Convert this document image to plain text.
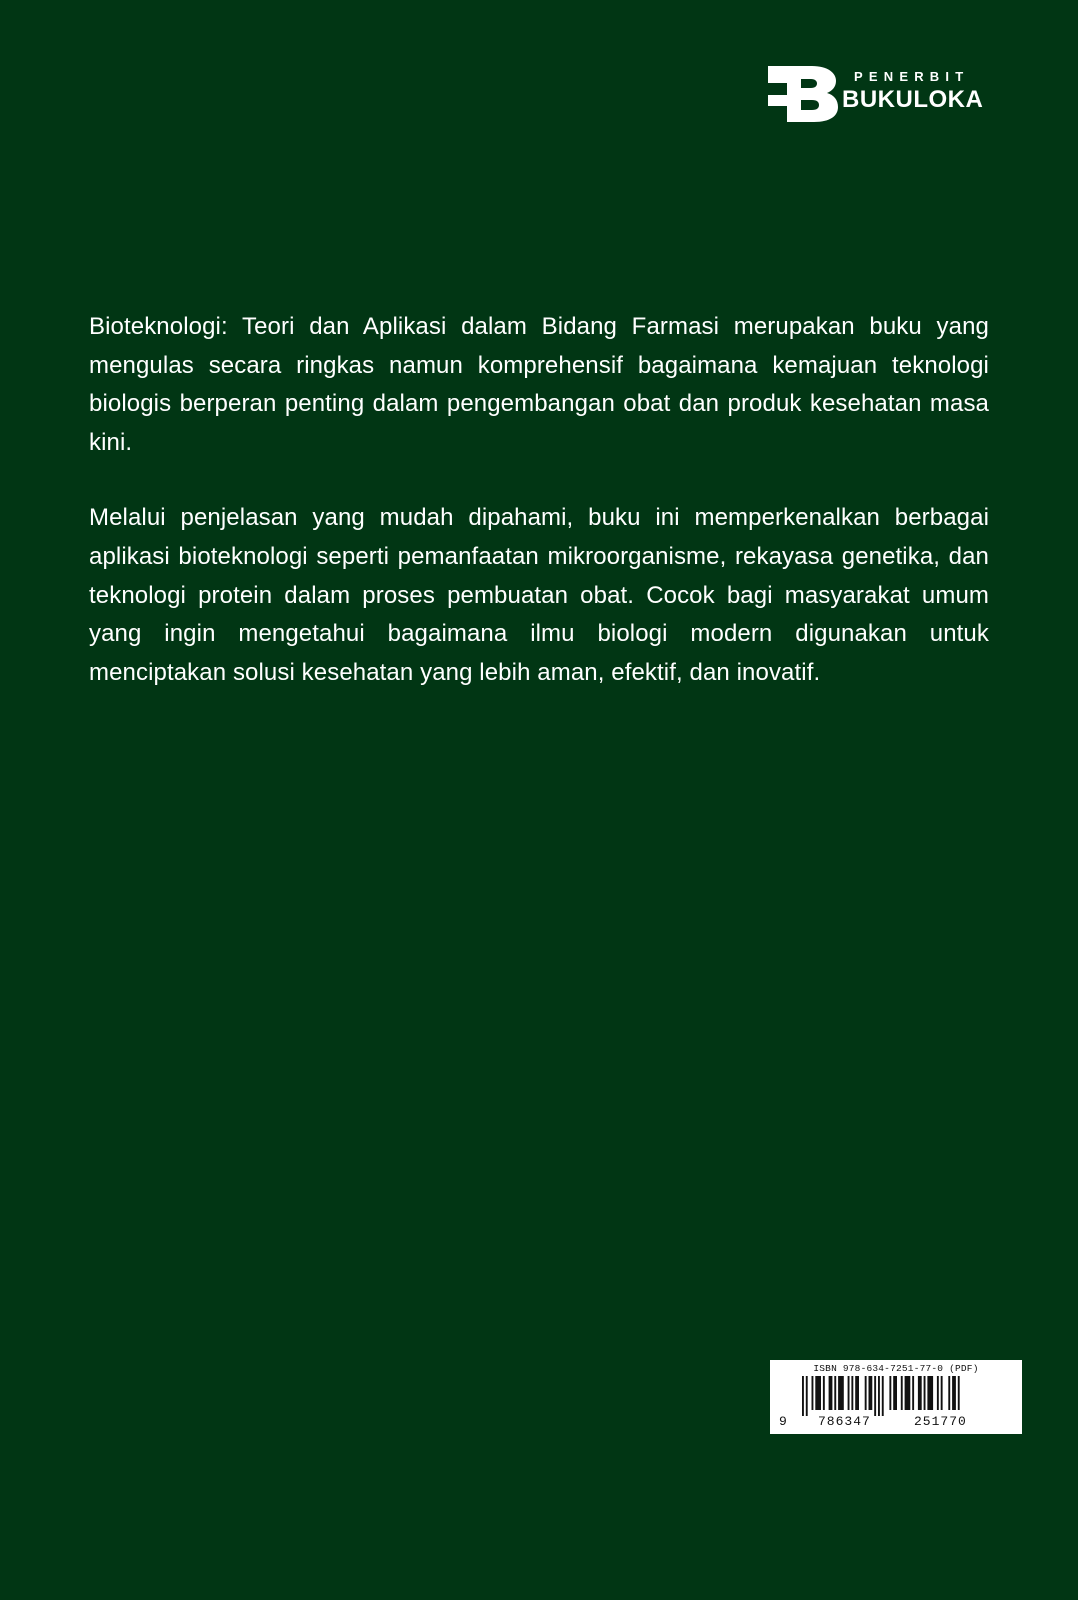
PENERBIT
BUKULOKA

Bioteknologi: Teori dan Aplikasi dalam Bidang Farmasi merupakan buku yang mengulas secara ringkas namun komprehensif bagaimana kemajuan teknologi biologis berperan penting dalam pengembangan obat dan produk kesehatan masa kini.

Melalui penjelasan yang mudah dipahami, buku ini memperkenalkan berbagai aplikasi bioteknologi seperti pemanfaatan mikroorganisme, rekayasa genetika, dan teknologi protein dalam proses pembuatan obat. Cocok bagi masyarakat umum yang ingin mengetahui bagaimana ilmu biologi modern digunakan untuk menciptakan solusi kesehatan yang lebih aman, efektif, dan inovatif.

ISBN 978-634-7251-77-0 (PDF)
9 786347	251770
